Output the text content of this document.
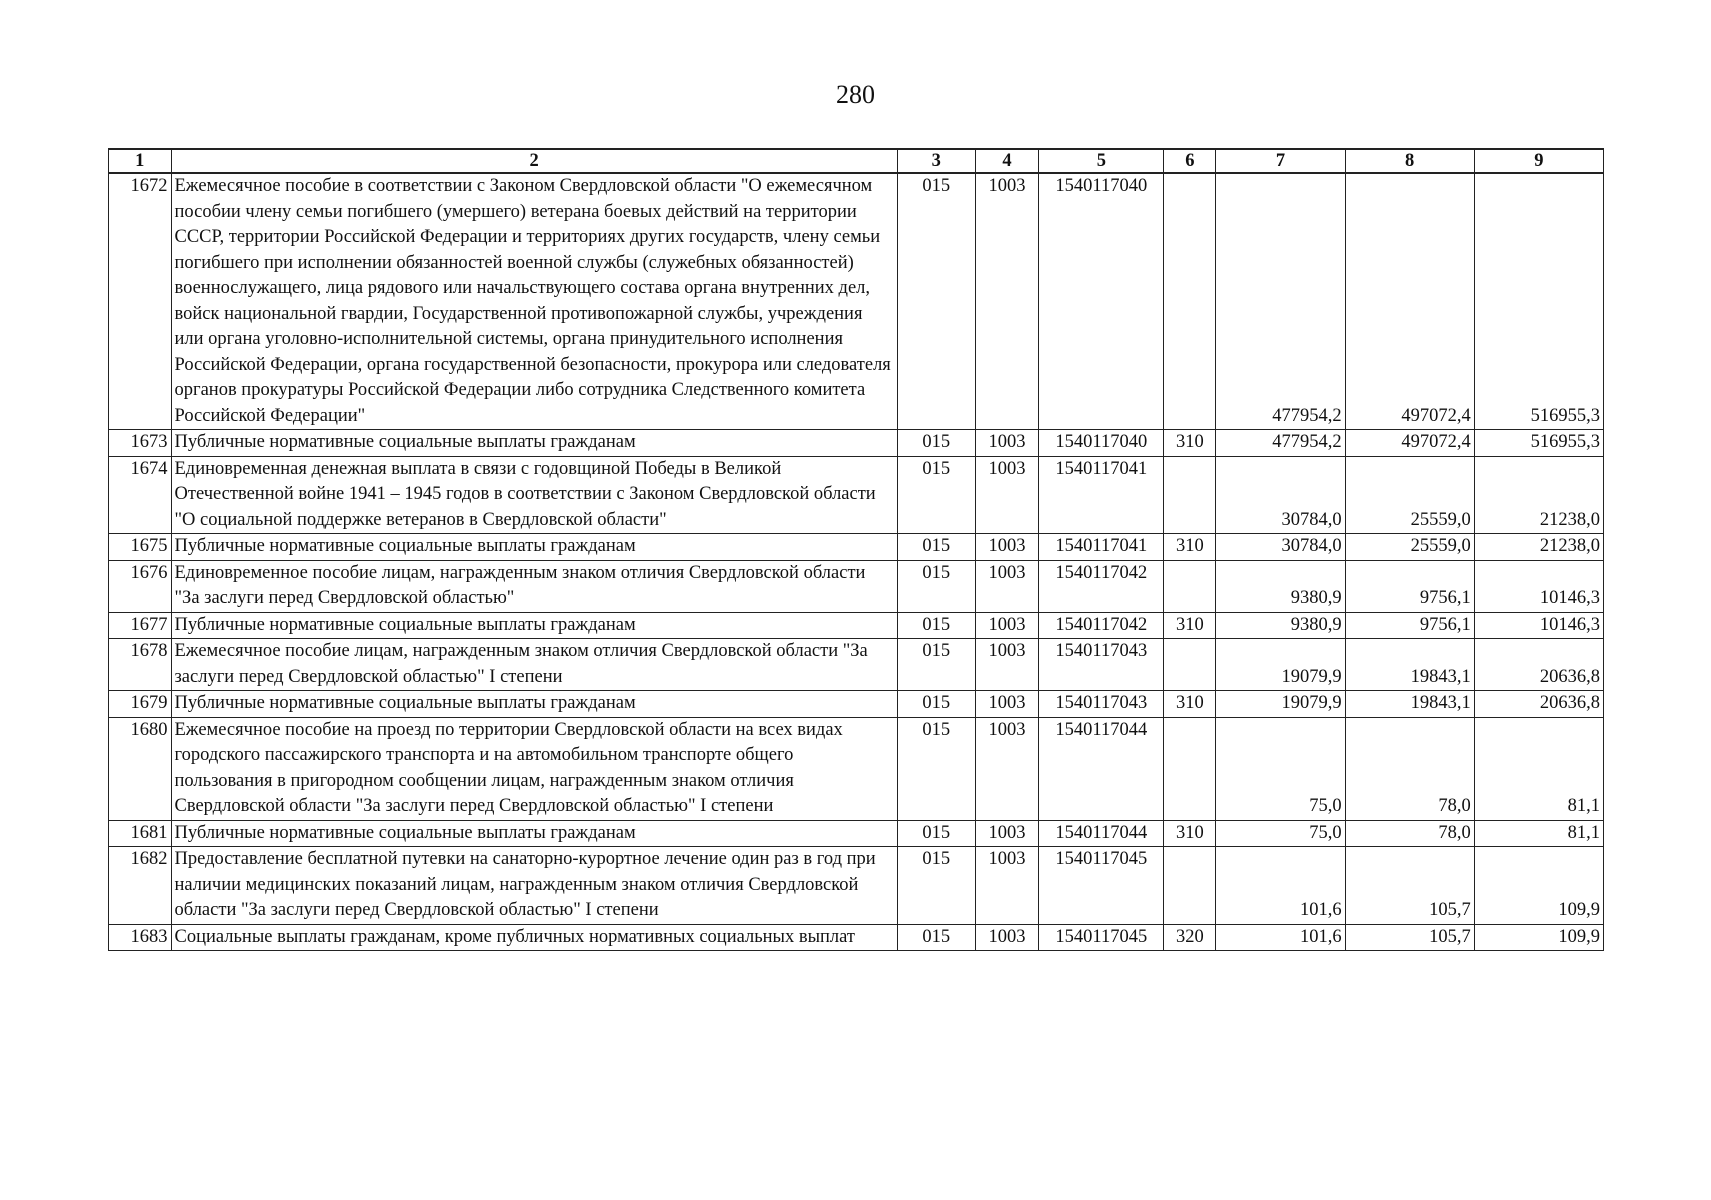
280
1	2	3	4	5	6	7	8	9
1672	Ежемесячное пособие в соответствии с Законом Свердловской области "О ежемесячном пособии члену семьи погибшего (умершего) ветерана боевых действий на территории СССР, территории Российской Федерации и территориях других государств, члену семьи погибшего при исполнении обязанностей военной службы (служебных обязанностей) военнослужащего, лица рядового или начальствующего состава органа внутренних дел, войск национальной гвардии, Государственной противопожарной службы, учреждения или органа уголовно-исполнительной системы, органа принудительного исполнения Российской Федерации, органа государственной безопасности, прокурора или следователя органов прокуратуры Российской Федерации либо сотрудника Следственного комитета Российской Федерации"	015	1003	1540117040		477954,2	497072,4	516955,3
1673	Публичные нормативные социальные выплаты гражданам	015	1003	1540117040	310	477954,2	497072,4	516955,3
1674	Единовременная денежная выплата в связи с годовщиной Победы в Великой Отечественной войне 1941 – 1945 годов в соответствии с Законом Свердловской области "О социальной поддержке ветеранов в Свердловской области"	015	1003	1540117041		30784,0	25559,0	21238,0
1675	Публичные нормативные социальные выплаты гражданам	015	1003	1540117041	310	30784,0	25559,0	21238,0
1676	Единовременное пособие лицам, награжденным знаком отличия Свердловской области "За заслуги перед Свердловской областью"	015	1003	1540117042		9380,9	9756,1	10146,3
1677	Публичные нормативные социальные выплаты гражданам	015	1003	1540117042	310	9380,9	9756,1	10146,3
1678	Ежемесячное пособие лицам, награжденным знаком отличия Свердловской области "За заслуги перед Свердловской областью" I степени	015	1003	1540117043		19079,9	19843,1	20636,8
1679	Публичные нормативные социальные выплаты гражданам	015	1003	1540117043	310	19079,9	19843,1	20636,8
1680	Ежемесячное пособие на проезд по территории Свердловской области на всех видах городского пассажирского транспорта и на автомобильном транспорте общего пользования в пригородном сообщении лицам, награжденным знаком отличия Свердловской области "За заслуги перед Свердловской областью" I степени	015	1003	1540117044		75,0	78,0	81,1
1681	Публичные нормативные социальные выплаты гражданам	015	1003	1540117044	310	75,0	78,0	81,1
1682	Предоставление бесплатной путевки на санаторно-курортное лечение один раз в год при наличии медицинских показаний лицам, награжденным знаком отличия Свердловской области "За заслуги перед Свердловской областью" I степени	015	1003	1540117045		101,6	105,7	109,9
1683	Социальные выплаты гражданам, кроме публичных нормативных социальных выплат	015	1003	1540117045	320	101,6	105,7	109,9
